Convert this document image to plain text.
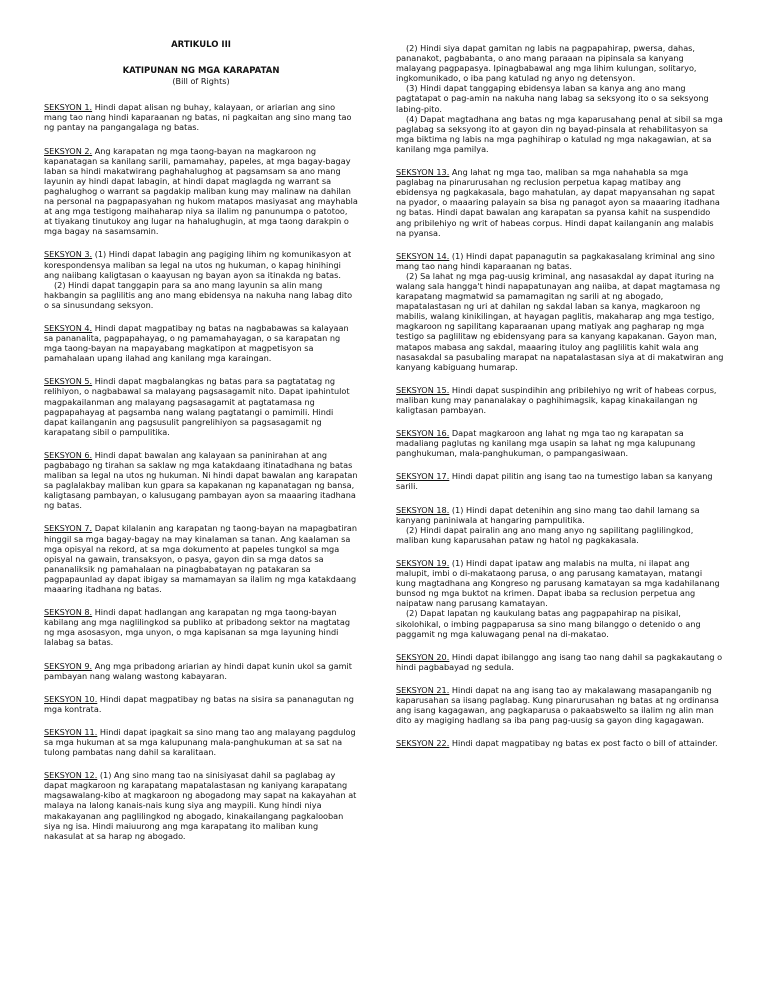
ARTIKULO III

KATIPUNAN NG MGA KARAPATAN

(Bill of Rights)

SEKSYON 1. Hindi dapat alisan ng buhay, kalayaan, or ariarian ang sino mang tao nang hindi kaparaanan ng batas, ni pagkaitan ang sino mang tao ng pantay na pangangalaga ng batas.
SEKSYON 2. Ang karapatan ng mga taong-bayan na magkaroon ng kapanatagan sa kanilang sarili, pamamahay, papeles, at mga bagay-bagay laban sa hindi makatwirang paghahalughog at pagsamsam sa ano mang layunin ay hindi dapat labagin, at hindi dapat maglagda ng warrant sa paghalughog o warrant sa pagdakip maliban kung may malinaw na dahilan na personal na pagpapasyahan ng hukom matapos masiyasat ang mayhabla at ang mga testigong maihaharap niya sa ilalim ng panunumpa o patotoo, at tiyakang tinutukoy ang lugar na hahalughugin, at mga taong darakpin o mga bagay na sasamsamin.
SEKSYON 3. (1) Hindi dapat labagin ang pagiging lihim ng komunikasyon at korespondensya maliban sa legal na utos ng hukuman, o kapag hinihingi ang naiibang kaligtasan o kaayusan ng bayan ayon sa itinakda ng batas.
(2) Hindi dapat tanggapin para sa ano mang layunin sa alin mang hakbangin sa paglilitis ang ano mang ebidensya na nakuha nang labag dito o sa sinusundang seksyon.
SEKSYON 4. Hindi dapat magpatibay ng batas na nagbabawas sa kalayaan sa pananalita, pagpapahayag, o ng pamamahayagan, o sa karapatan ng mga taong-bayan na mapayabang magkatipon at magpetisyon sa pamahalaan upang ilahad ang kanilang mga karaingan.
SEKSYON 5. Hindi dapat magbalangkas ng batas para sa pagtatatag ng relihiyon, o nagbabawal sa malayang pagsasagamit nito. Dapat ipahintulot magpakailanman ang malayang pagsasagamit at pagtatamasa ng pagpapahayag at pagsamba nang walang pagtatangi o pamimili. Hindi dapat kailanganin ang pagsusulit pangrelihiyon sa pagsasagamit ng karapatang sibil o pampulitika.
SEKSYON 6. Hindi dapat bawalan ang kalayaan sa paninirahan at ang pagbabago ng tirahan sa saklaw ng mga katakdaang itinatadhana ng batas maliban sa legal na utos ng hukuman. Ni hindi dapat bawalan ang karapatan sa paglalakbay maliban kun gpara sa kapakanan ng kapanatagan ng bansa, kaligtasang pambayan, o kalusugang pambayan ayon sa maaaring itadhana ng batas.
SEKSYON 7. Dapat kilalanin ang karapatan ng taong-bayan na mapagbatiran hinggil sa mga bagay-bagay na may kinalaman sa tanan. Ang kaalaman sa mga opisyal na rekord, at sa mga dokumento at papeles tungkol sa mga opisyal na gawain, transaksyon, o pasya, gayon din sa mga datos sa pananaliksik ng pamahalaan na pinagbabatayan ng patakaran sa pagpapaunlad ay dapat ibigay sa mamamayan sa ilalim ng mga katakdaang maaaring itadhana ng batas.
SEKSYON 8. Hindi dapat hadlangan ang karapatan ng mga taong-bayan kabilang ang mga naglilingkod sa publiko at pribadong sektor na magtatag ng mga asosasyon, mga unyon, o mga kapisanan sa mga layuning hindi lalabag sa batas.
SEKSYON 9. Ang mga pribadong ariarian ay hindi dapat kunin ukol sa gamit pambayan nang walang wastong kabayaran.
SEKSYON 10. Hindi dapat magpatibay ng batas na sisira sa pananagutan ng mga kontrata.
SEKSYON 11. Hindi dapat ipagkait sa sino mang tao ang malayang pagdulog sa mga hukuman at sa mga kalupunang mala-panghukuman at sa sat na tulong pambatas nang dahil sa karalitaan.
SEKSYON 12. (1) Ang sino mang tao na sinisiyasat dahil sa paglabag ay dapat magkaroon ng karapatang mapatalastasan ng kaniyang karapatang magsawalang-kibo at magkaroon ng abogadong may sapat na kakayahan at malaya na lalong kanais-nais kung siya ang maypili. Kung hindi niya makakayanan ang paglilingkod ng abogado, kinakailangang pagkalooban siya ng isa. Hindi maiuurong ang mga karapatang ito maliban kung nakasulat at sa harap ng abogado.
(2) Hindi siya dapat gamitan ng labis na pagpapahirap, pwersa, dahas, pananakot, pagbabanta, o ano mang paraaan na pipinsala sa kanyang malayang pagpapasya. Ipinagbabawal ang mga lihim kulungan, solitaryo, ingkomunikado, o iba pang katulad ng anyo ng detensyon.
(3) Hindi dapat tanggaping ebidensya laban sa kanya ang ano mang pagtatapat o pag-amin na nakuha nang labag sa seksyong ito o sa seksyong labing-pito.
(4) Dapat magtadhana ang batas ng mga kaparusahang penal at sibil sa mga paglabag sa seksyong ito at gayon din ng bayad-pinsala at rehabilitasyon sa mga biktima ng labis na mga paghihirap o katulad ng mga nakagawian, at sa kanilang mga pamilya.
SEKSYON 13. Ang lahat ng mga tao, maliban sa mga nahahabla sa mga paglabag na pinarurusahan ng reclusion perpetua kapag matibay ang ebidensya ng pagkakasala, bago mahatulan, ay dapat mapyansahan ng sapat na pyador, o maaaring palayain sa bisa ng panagot ayon sa maaaring itadhana ng batas. Hindi dapat bawalan ang karapatan sa pyansa kahit na suspendido ang pribilehiyo ng writ of habeas corpus. Hindi dapat kailanganin ang malabis na pyansa.
SEKSYON 14. (1) Hindi dapat papanagutin sa pagkakasalang kriminal ang sino mang tao nang hindi kaparaanan ng batas.
(2) Sa lahat ng mga pag-uusig kriminal, ang nasasakdal ay dapat ituring na walang sala hangga't hindi napapatunayan ang naiiba, at dapat magtamasa ng karapatang magmatwid sa pamamagitan ng sarili at ng abogado, mapatalastasan ng uri at dahilan ng sakdal laban sa kanya, magkaroon ng mabilis, walang kinikilingan, at hayagan paglitis, makaharap ang mga testigo, magkaroon ng sapilitang kaparaanan upang matiyak ang pagharap ng mga testigo sa paglilitaw ng ebidensyang para sa kanyang kapakanan. Gayon man, matapos mabasa ang sakdal, maaaring ituloy ang paglilitis kahit wala ang nasasakdal sa pasubaling marapat na napatalastasan siya at di makatwiran ang kanyang kabiguang humarap.
SEKSYON 15. Hindi dapat suspindihin ang pribilehiyo ng writ of habeas corpus, maliban kung may pananalakay o paghihimagsik, kapag kinakailangan ng kaligtasan pambayan.
SEKSYON 16. Dapat magkaroon ang lahat ng mga tao ng karapatan sa madaliang paglutas ng kanilang mga usapin sa lahat ng mga kalupunang panghukuman, mala-panghukuman, o pampangasiwaan.
SEKSYON 17. Hindi dapat pilitin ang isang tao na tumestigo laban sa kanyang sarili.
SEKSYON 18. (1) Hindi dapat detenihin ang sino mang tao dahil lamang sa kanyang paniniwala at hangaring pampulitika.
(2) Hindi dapat pairalin ang ano mang anyo ng sapilitang paglilingkod, maliban kung kaparusahan pataw ng hatol ng pagkakasala.
SEKSYON 19. (1) Hindi dapat ipataw ang malabis na multa, ni ilapat ang malupit, imbi o di-makataong parusa, o ang parusang kamatayan, matangi kung magtadhana ang Kongreso ng parusang kamatayan sa mga kadahilanang bunsod ng mga buktot na krimen. Dapat ibaba sa reclusion perpetua ang naipataw nang parusang kamatayan.
(2) Dapat lapatan ng kaukulang batas ang pagpapahirap na pisikal, sikolohikal, o imbing pagpaparusa sa sino mang bilanggo o detenido o ang paggamit ng mga kaluwagang penal na di-makatao.
SEKSYON 20. Hindi dapat ibilanggo ang isang tao nang dahil sa pagkakautang o hindi pagbabayad ng sedula.
SEKSYON 21. Hindi dapat na ang isang tao ay makalawang masapanganib ng kaparusahan sa iisang paglabag. Kung pinarurusahan ng batas at ng ordinansa ang isang kagagawan, ang pagkaparusa o pakaabswelto sa ilalim ng alin man dito ay magiging hadlang sa iba pang pag-uusig sa gayon ding kagagawan.
SEKSYON 22. Hindi dapat magpatibay ng batas ex post facto o bill of attainder.
